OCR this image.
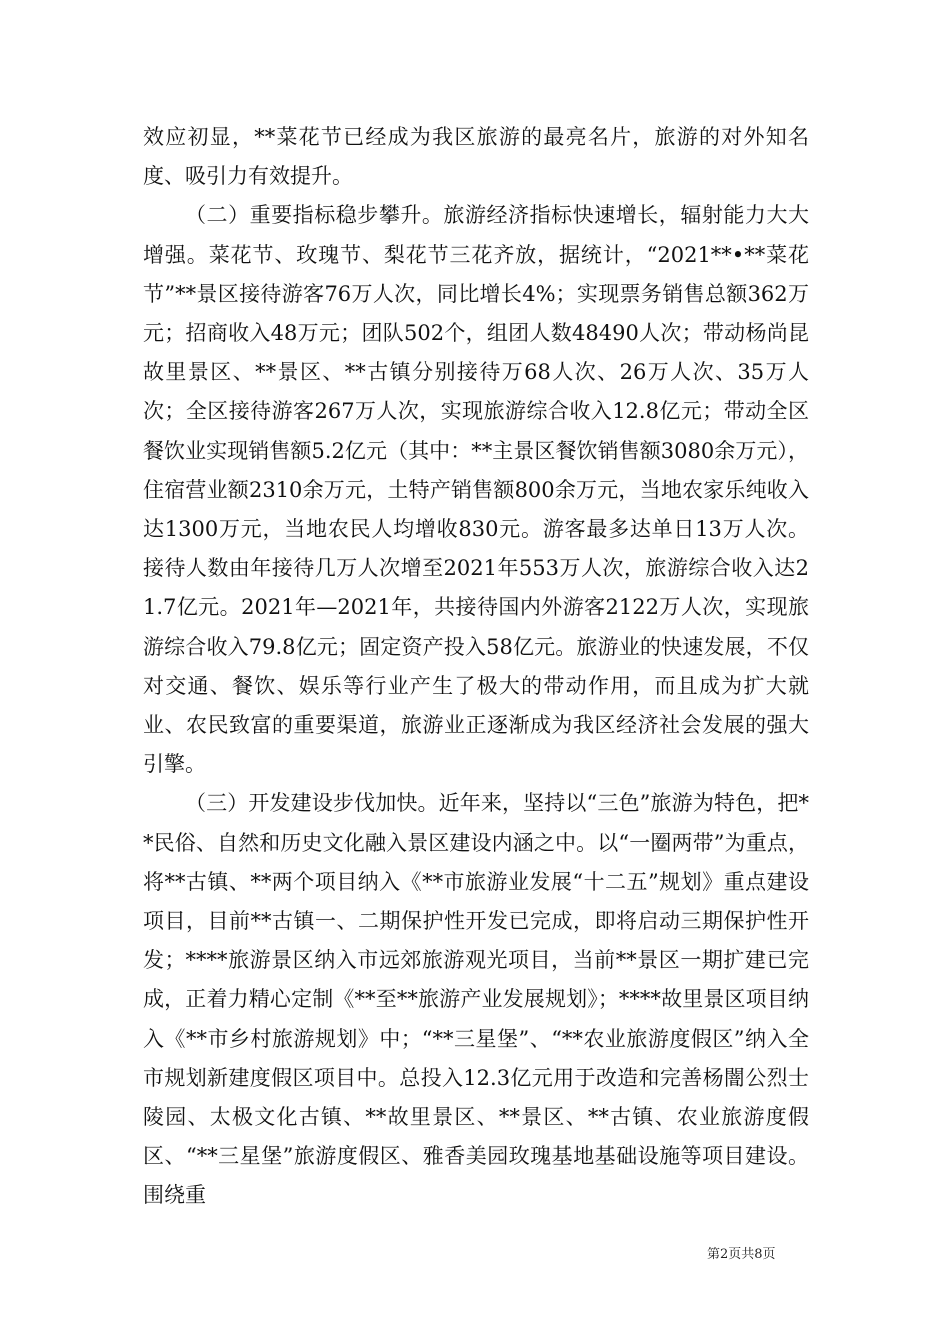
效应初显，**菜花节已经成为我区旅游的最亮名片，旅游的对外知名度、吸引力有效提升。

（二）重要指标稳步攀升。旅游经济指标快速增长，辐射能力大大增强。菜花节、玫瑰节、梨花节三花齐放，据统计，“2021**•**菜花节”**景区接待游客76万人次，同比增长4%；实现票务销售总额362万元；招商收入48万元；团队502个，组团人数48490人次；带动杨尚昆故里景区、**景区、**古镇分别接待万68人次、26万人次、35万人次；全区接待游客267万人次，实现旅游综合收入12.8亿元；带动全区餐饮业实现销售额5.2亿元（其中：**主景区餐饮销售额3080余万元），住宿营业额2310余万元，土特产销售额800余万元，当地农家乐纯收入达1300万元，当地农民人均增收830元。游客最多达单日13万人次。接待人数由年接待几万人次增至2021年553万人次，旅游综合收入达21.7亿元。2021年—2021年，共接待国内外游客2122万人次，实现旅游综合收入79.8亿元；固定资产投入58亿元。旅游业的快速发展，不仅对交通、餐饮、娱乐等行业产生了极大的带动作用，而且成为扩大就业、农民致富的重要渠道，旅游业正逐渐成为我区经济社会发展的强大引擎。

（三）开发建设步伐加快。近年来，坚持以“三色”旅游为特色，把**民俗、自然和历史文化融入景区建设内涵之中。以“一圈两带”为重点，将**古镇、**两个项目纳入《**市旅游业发展“十二五”规划》重点建设项目，目前**古镇一、二期保护性开发已完成，即将启动三期保护性开发；****旅游景区纳入市远郊旅游观光项目，当前**景区一期扩建已完成，正着力精心定制《**至**旅游产业发展规划》；****故里景区项目纳入《**市乡村旅游规划》中；“**三星堡”、“**农业旅游度假区”纳入全市规划新建度假区项目中。总投入12.3亿元用于改造和完善杨闇公烈士陵园、太极文化古镇、**故里景区、**景区、**古镇、农业旅游度假区、“**三星堡”旅游度假区、雅香美园玫瑰基地基础设施等项目建设。围绕重

第2页共8页
